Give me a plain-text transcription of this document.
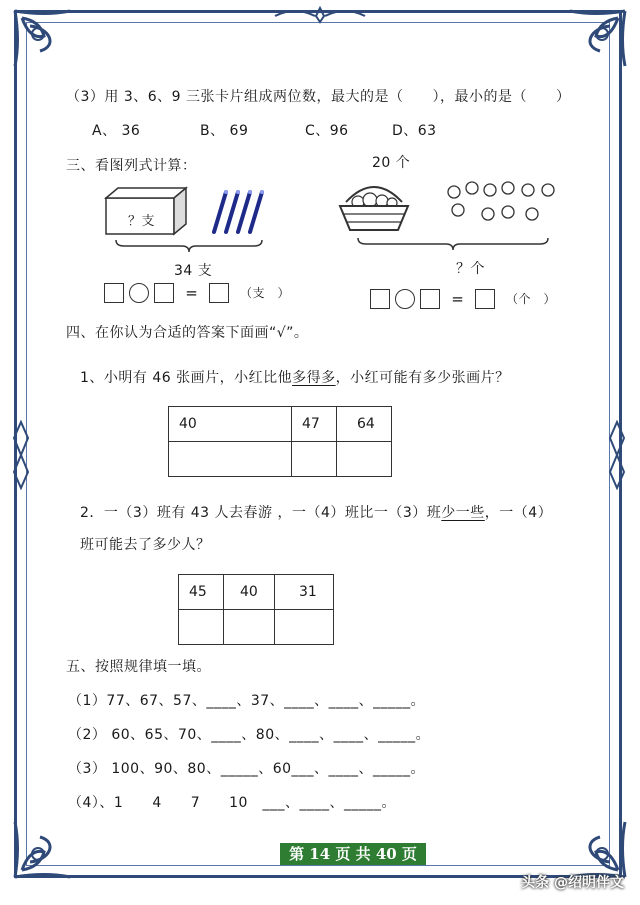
（3）用 3、6、9 三张卡片组成两位数，最大的是（　　），最小的是（　　）
A、 36	B、 69	C、96	D、63
三、看图列式计算：	20 个
？支
34 支
=	（支　）
？个
=	（个　）
四、在你认为合适的答案下面画“√”。
1、小明有 46 张画片，小红比他多得多，小红可能有多少张画片？
40	47	64

2．一（3）班有 43 人去春游 ，一（4）班比一（3）班少一些，一（4）
班可能去了多少人？
45	40	31

五、按照规律填一填。
（1）77、67、57、____、37、____、____、_____。
（2） 60、65、70、____、80、____、____、_____。
（3） 100、90、80、_____、60___、____、_____。
（4）、1　　4　　7　　10　___、____、_____。
第 14 页 共 40 页
头条 @绍明伴文
